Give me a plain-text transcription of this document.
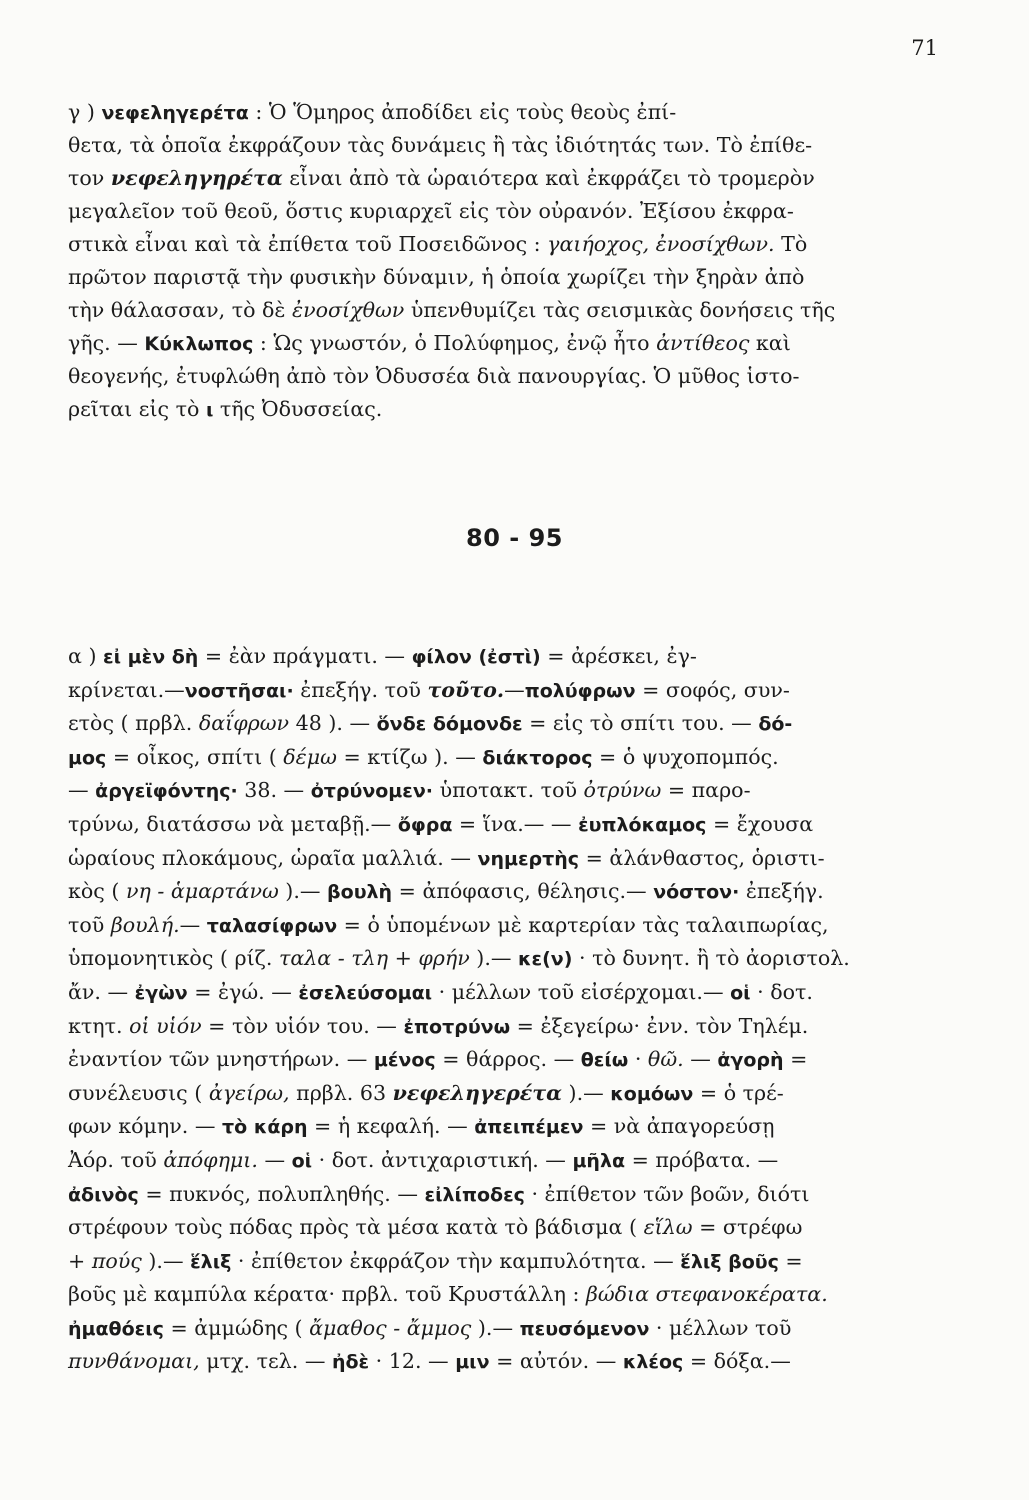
71
γ ) νεφεληγερέτα : Ὁ Ὅμηρος ἀποδίδει εἰς τοὺς θεοὺς ἐπί-
θετα, τὰ ὁποῖα ἐκφράζουν τὰς δυνάμεις ἢ τὰς ἰδιότητάς των. Τὸ ἐπίθε-
τον νεφεληγηρέτα εἶναι ἀπὸ τὰ ὡραιότερα καὶ ἐκφράζει τὸ τρομερὸν
μεγαλεῖον τοῦ θεοῦ, ὅστις κυριαρχεῖ εἰς τὸν οὐρανόν. Ἐξίσου ἐκφρα-
στικὰ εἶναι καὶ τὰ ἐπίθετα τοῦ Ποσειδῶνος : γαιήοχος, ἐνοσίχθων. Τὸ
πρῶτον παριστᾷ τὴν φυσικὴν δύναμιν, ἡ ὁποία χωρίζει τὴν ξηρὰν ἀπὸ
τὴν θάλασσαν, τὸ δὲ ἐνοσίχθων ὑπενθυμίζει τὰς σεισμικὰς δονήσεις τῆς
γῆς. — Κύκλωπος : Ὡς γνωστόν, ὁ Πολύφημος, ἐνῷ ἦτο ἀντίθεος καὶ
θεογενής, ἐτυφλώθη ἀπὸ τὸν Ὀδυσσέα διὰ πανουργίας. Ὁ μῦθος ἱστο-
ρεῖται εἰς τὸ ι τῆς Ὀδυσσείας.
80 - 95
α ) εἰ μὲν δὴ = ἐὰν πράγματι. — φίλον (ἐστὶ) = ἀρέσκει, ἐγ-
κρίνεται.—νοστῆσαι· ἐπεξήγ. τοῦ τοῦτο.—πολύφρων = σοφός, συν-
ετὸς ( πρβλ. δαΐφρων 48 ). — ὅνδε δόμονδε = εἰς τὸ σπίτι του. — δό-
μος = οἶκος, σπίτι ( δέμω = κτίζω ). — διάκτορος = ὁ ψυχοπομπός.
— ἀργεϊφόντης· 38. — ὀτρύνομεν· ὑποτακτ. τοῦ ὀτρύνω = παρο-
τρύνω, διατάσσω νὰ μεταβῇ.— ὄφρα = ἵνα.— — ἐυπλόκαμος = ἔχουσα
ὡραίους πλοκάμους, ὡραῖα μαλλιά. — νημερτὴς = ἀλάνθαστος, ὁριστι-
κὸς ( νη - ἁμαρτάνω ).— βουλὴ = ἀπόφασις, θέλησις.— νόστον· ἐπεξήγ.
τοῦ βουλή.— ταλασίφρων = ὁ ὑπομένων μὲ καρτερίαν τὰς ταλαιπωρίας,
ὑπομονητικὸς ( ρίζ. ταλα - τλη + φρήν ).— κε(ν) · τὸ δυνητ. ἢ τὸ ἀοριστολ.
ἄν. — ἐγὼν = ἐγώ. — ἐσελεύσομαι · μέλλων τοῦ εἰσέρχομαι.— οἱ · δοτ.
κτητ. οἱ υἱόν = τὸν υἱόν του. — ἐποτρύνω = ἐξεγείρω· ἐνν. τὸν Τηλέμ.
ἐναντίον τῶν μνηστήρων. — μένος = θάρρος. — θείω · θῶ. — ἀγορὴ =
συνέλευσις ( ἀγείρω, πρβλ. 63 νεφεληγερέτα ).— κομόων = ὁ τρέ-
φων κόμην. — τὸ κάρη = ἡ κεφαλή. — ἀπειπέμεν = νὰ ἀπαγορεύσῃ
Ἀόρ. τοῦ ἀπόφημι. — οἱ · δοτ. ἀντιχαριστική. — μῆλα = πρόβατα. —
ἀδινὸς = πυκνός, πολυπληθής. — εἰλίποδες · ἐπίθετον τῶν βοῶν, διότι
στρέφουν τοὺς πόδας πρὸς τὰ μέσα κατὰ τὸ βάδισμα ( εἵλω = στρέφω
+ πούς ).— ἕλιξ · ἐπίθετον ἐκφράζον τὴν καμπυλότητα. — ἕλιξ βοῦς =
βοῦς μὲ καμπύλα κέρατα· πρβλ. τοῦ Κρυστάλλη : βώδια στεφανοκέρατα.
ἠμαθόεις = ἀμμώδης ( ἄμαθος - ἄμμος ).— πευσόμενον · μέλλων τοῦ
πυνθάνομαι, μτχ. τελ. — ἠδὲ · 12. — μιν = αὐτόν. — κλέος = δόξα.—
